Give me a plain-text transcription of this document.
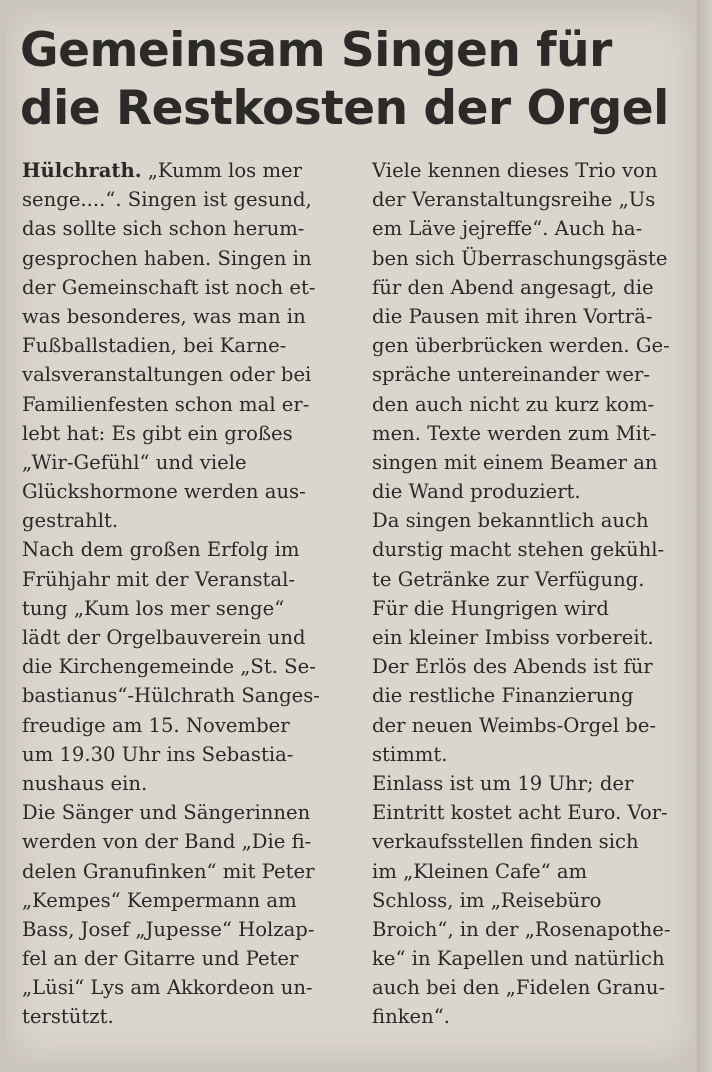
Gemeinsam Singen für
die Restkosten der Orgel
Hülchrath. „Kumm los mer
senge....“. Singen ist gesund,
das sollte sich schon herum-
gesprochen haben. Singen in
der Gemeinschaft ist noch et-
was besonderes, was man in
Fußballstadien, bei Karne-
valsveranstaltungen oder bei
Familienfesten schon mal er-
lebt hat: Es gibt ein großes
„Wir-Gefühl“ und viele
Glückshormone werden aus-
gestrahlt.
Nach dem großen Erfolg im
Frühjahr mit der Veranstal-
tung „Kum los mer senge“
lädt der Orgelbauverein und
die Kirchengemeinde „St. Se-
bastianus“-Hülchrath Sanges-
freudige am 15. November
um 19.30 Uhr ins Sebastia-
nushaus ein.
Die Sänger und Sängerinnen
werden von der Band „Die fi-
delen Granufinken“ mit Peter
„Kempes“ Kempermann am
Bass, Josef „Jupesse“ Holzap-
fel an der Gitarre und Peter
„Lüsi“ Lys am Akkordeon un-
terstützt.
Viele kennen dieses Trio von
der Veranstaltungsreihe „Us
em Läve jejreffe“. Auch ha-
ben sich Überraschungsgäste
für den Abend angesagt, die
die Pausen mit ihren Vorträ-
gen überbrücken werden. Ge-
spräche untereinander wer-
den auch nicht zu kurz kom-
men. Texte werden zum Mit-
singen mit einem Beamer an
die Wand produziert.
Da singen bekanntlich auch
durstig macht stehen gekühl-
te Getränke zur Verfügung.
Für die Hungrigen wird
ein kleiner Imbiss vorbereit.
Der Erlös des Abends ist für
die restliche Finanzierung
der neuen Weimbs-Orgel be-
stimmt.
Einlass ist um 19 Uhr; der
Eintritt kostet acht Euro. Vor-
verkaufsstellen finden sich
im „Kleinen Cafe“ am
Schloss, im „Reisebüro
Broich“, in der „Rosenapothe-
ke“ in Kapellen und natürlich
auch bei den „Fidelen Granu-
finken“.
